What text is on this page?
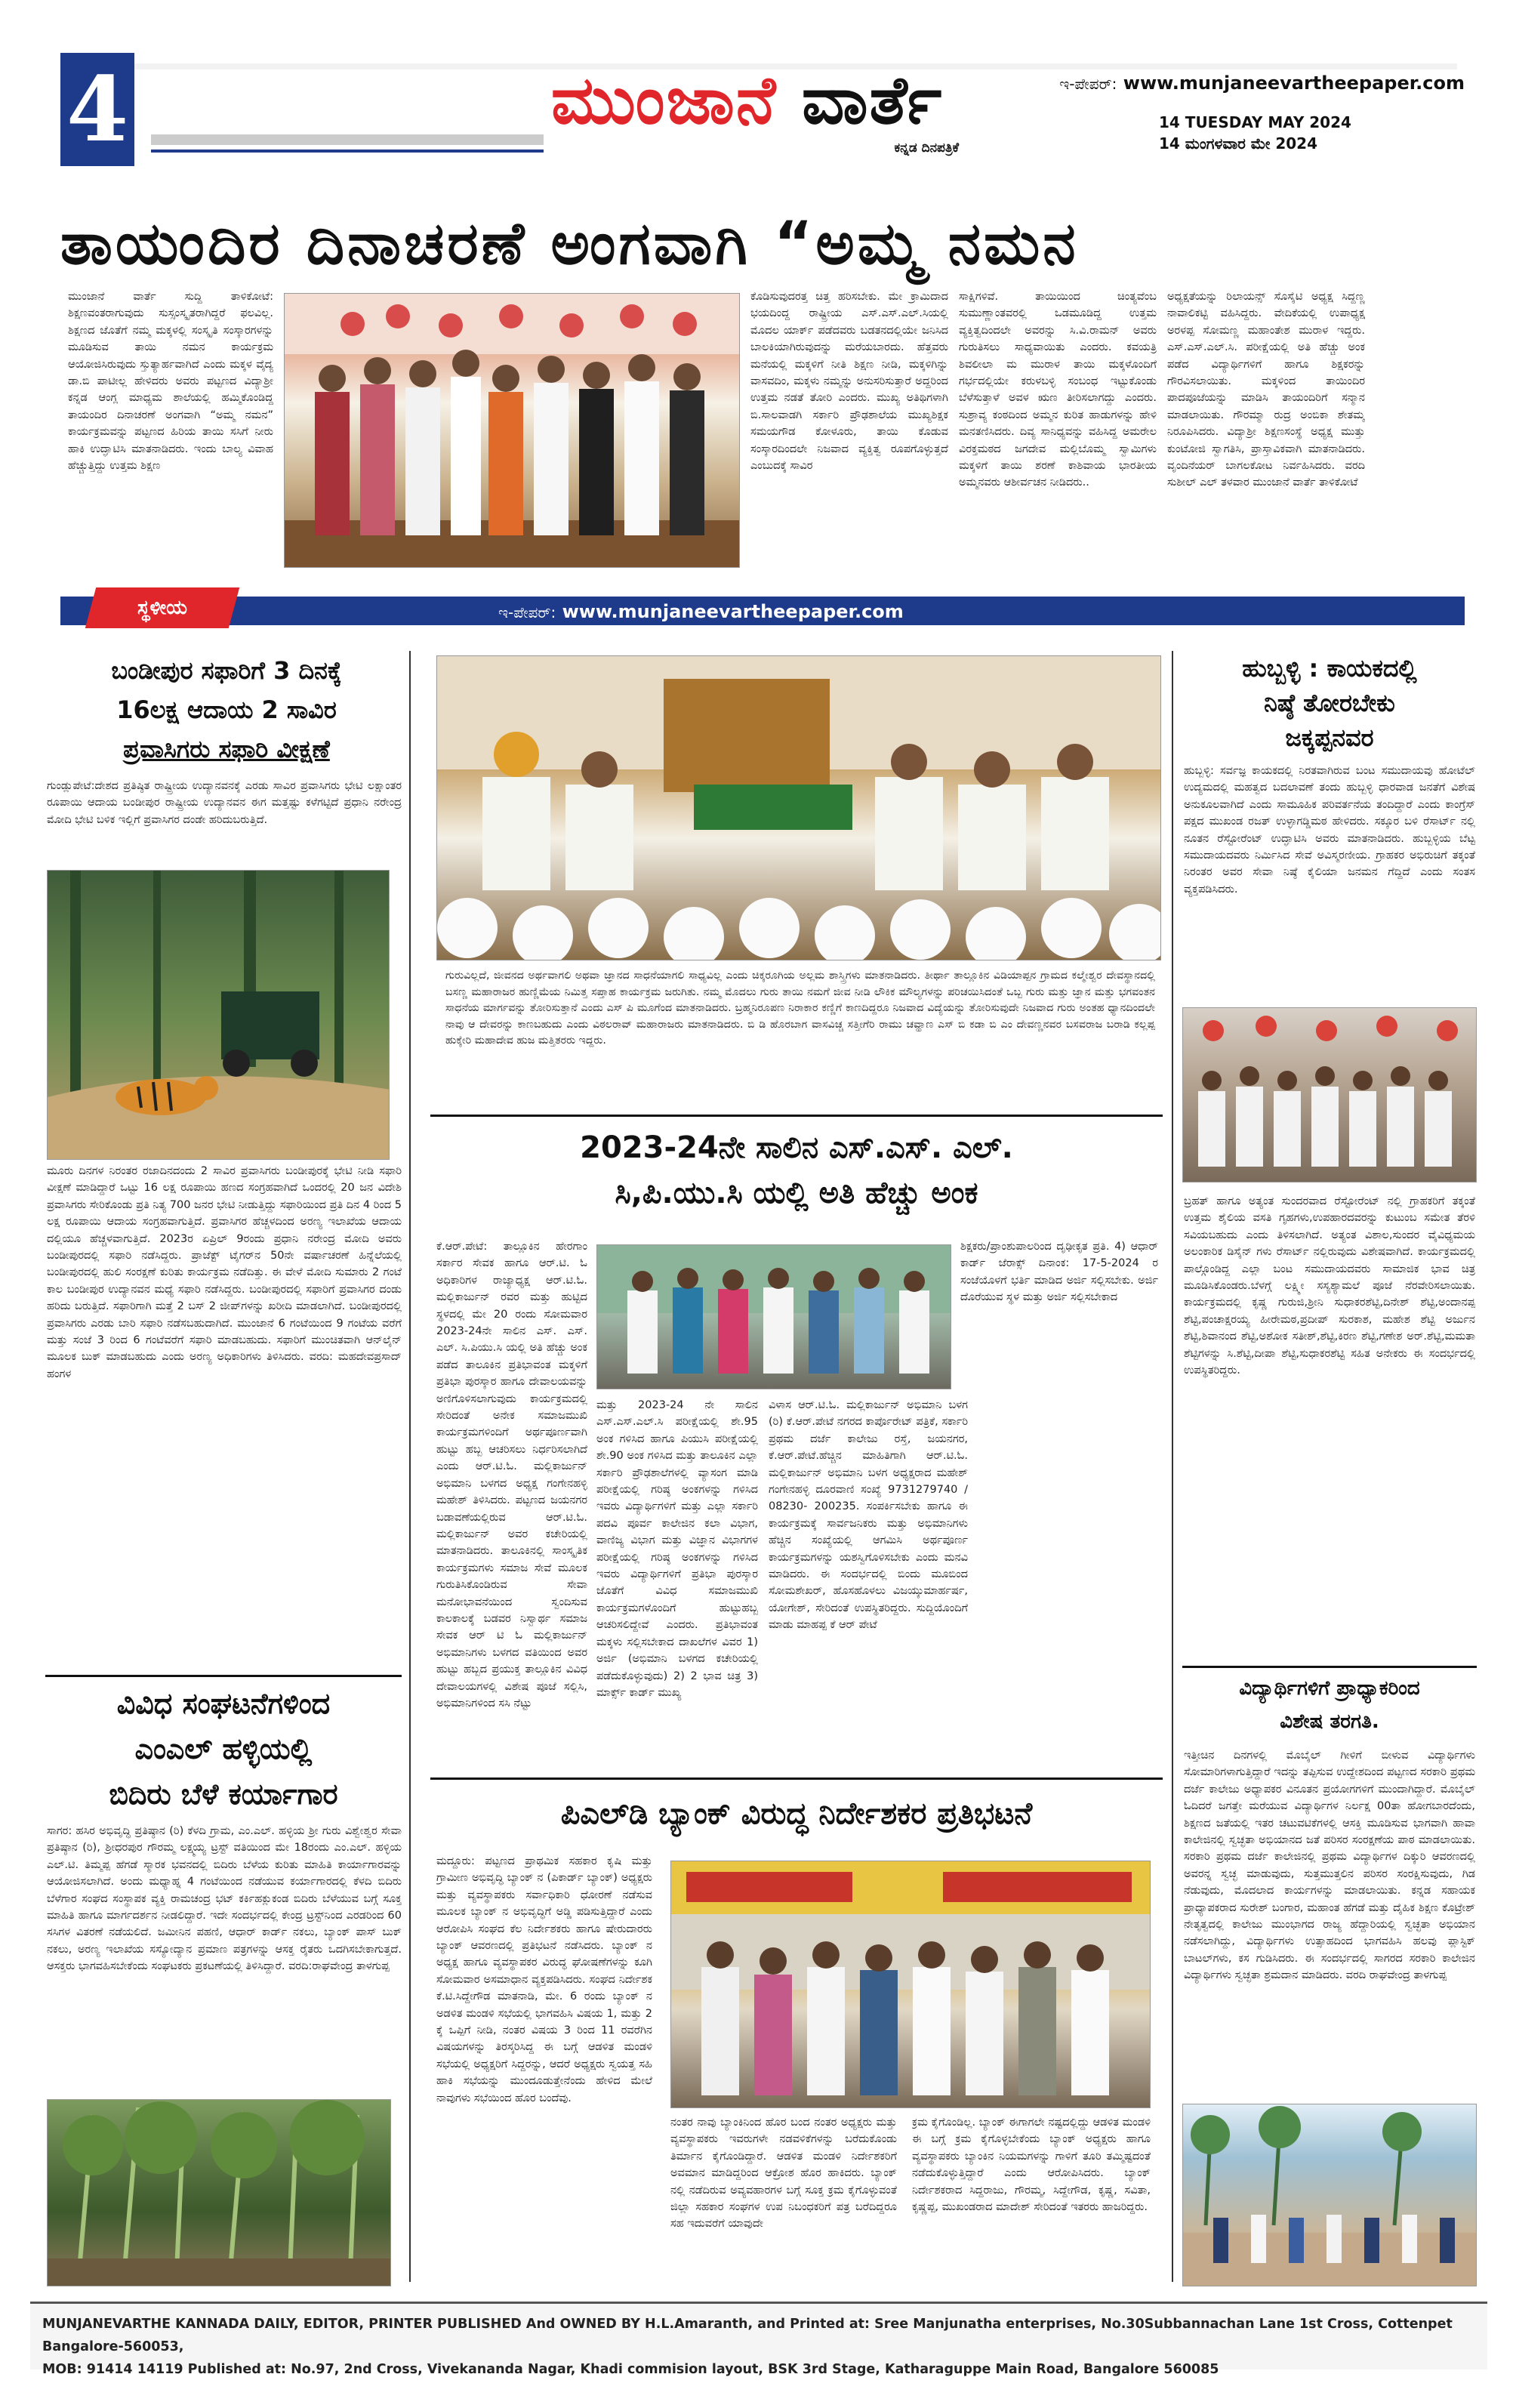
4	ಮುಂಜಾನೆ ವಾರ್ತೆ
ಕನ್ನಡ ದಿನಪತ್ರಿಕೆ
ಇ-ಪೇಪರ್: www.munjaneevartheepaper.com
14 TUESDAY MAY 2024
14 ಮಂಗಳವಾರ ಮೇ 2024
ತಾಯಂದಿರ ದಿನಾಚರಣೆ ಅಂಗವಾಗಿ “ಅಮ್ಮ ನಮನ
ಮುಂಜಾನೆ ವಾರ್ತೆ ಸುದ್ದಿ ತಾಳಿಕೋಟೆ: ಶಿಕ್ಷಣವಂತರಾಗುವುದು ಸುಸ್ಸಂಸ್ಕೃತರಾಗಿದ್ದರೆ ಫಲವಿಲ್ಲ. ಶಿಕ್ಷಣದ ಜೊತೆಗೆ ನಮ್ಮ ಮಕ್ಕಳಲ್ಲಿ ಸಂಸ್ಕೃತಿ ಸಂಸ್ಕಾರಗಳನ್ನು ಮೂಡಿಸುವ ತಾಯಿ ನಮನ ಕಾರ್ಯಕ್ರಮ ಆಯೋಜಿಸಿರುವುದು ಸ್ತುತ್ಯಾರ್ಹವಾಗಿದೆ ಎಂದು ಮಕ್ಕಳ ವೈದ್ಯ ಡಾ.ಬಿ ಪಾಟೀಲ್ಲ ಹೇಳಿದರು ಅವರು ಪಟ್ಟಣದ ವಿದ್ಯಾಶ್ರೀ ಕನ್ನಡ ಆಂಗ್ಲ ಮಾಧ್ಯಮ ಶಾಲೆಯಲ್ಲಿ ಹಮ್ಮಿಕೊಂಡಿದ್ದ ತಾಯಂದಿರ ದಿನಾಚರಣೆ ಅಂಗವಾಗಿ “ಅಮ್ಮ ನಮನ” ಕಾರ್ಯಕ್ರಮವನ್ನು ಪಟ್ಟಣದ ಹಿರಿಯ ತಾಯಿ ಸಸಿಗೆ ನೀರು ಹಾಕಿ ಉದ್ಘಾಟಿಸಿ ಮಾತನಾಡಿದರು. ಇಂದು ಬಾಲ್ಯ ವಿವಾಹ ಹೆಚ್ಚುತ್ತಿದ್ದು ಉತ್ತಮ ಶಿಕ್ಷಣ
ಕೊಡಿಸುವುದರತ್ತ ಚಿತ್ತ ಹರಿಸಬೇಕು. ಮೇ ಕ್ರಾಮಿದಾದ ಭಯದಿಂದ್ದ ರಾಷ್ಟ್ರೀಯ ಎಸ್.ಎಸ್.ಎಲ್.ಸಿಯಲ್ಲಿ ಮೊದಲ ಯಾರ್ಕ್ ಪಡೆದವರು ಬಡತನದಲ್ಲಿಯೇ ಜನಿಸಿದ ಬಾಲಕಿಯಾಗಿರುವುದನ್ನು ಮರೆಯಬಾರದು. ಹೆತ್ತವರು ಮನೆಯಲ್ಲಿ ಮಕ್ಕಳಿಗೆ ನೀತಿ ಶಿಕ್ಷಣ ನೀಡಿ, ಮಕ್ಕಳಿಗಿನ್ನು ವಾಸವದಿಂ, ಮಕ್ಕಳು ನಮ್ಮನ್ನು ಅನುಸರಿಸುತ್ತಾರೆ ಅದ್ದರಿಂದ ಉತ್ತಮ ನಡತೆ ತೋರಿ ಎಂದರು. ಮುಖ್ಯ ಅತಿಥಿಗಳಾಗಿ ಬಿ.ಸಾಲವಾಡಗಿ ಸರ್ಕಾರಿ ಪ್ರೌಢಶಾಲೆಯ ಮುಖ್ಯಶಿಕ್ಷಕ ಸಮಯಗೌಡ ಕೋಳೂರು, ತಾಯಿ ಕೊಡುವ ಸಂಸ್ಕಾರದಿಂದಲೇ ನಿಜವಾದ ವ್ಯಕ್ತಿತ್ವ ರೂಪಗೊಳ್ಳುತ್ತದೆ ಎಂಬುದಕ್ಕೆ ಸಾವಿರ
ಸಾಕ್ಷಿಗಳಿವೆ. ತಾಯಿಯಿಂದ ಚಿಂತ್ಯವೆಂಬ ಸುಮುಣ್ಣಾಂತವರಲ್ಲಿ ಒಡಮೂಡಿದ್ದ ಉತ್ತಮ ವ್ಯಕ್ತಿತ್ವದಿಂದಲೇ ಅವರನ್ನು ಸಿ.ವಿ.ರಾಮನ್ ಅವರು ಗುರುತಿಸಲು ಸಾಧ್ಯವಾಯಿತು ಎಂದರು. ಕವಯತ್ರಿ ಶಿವಲೀಲಾ ಮ ಮುರಾಳ ತಾಯಿ ಮಕ್ಕಳೊಂದಿಗೆ ಗರ್ಭದಲ್ಲಿಯೇ ಕರುಳಬಳ್ಳಿ ಸಂಬಂಧ ಇಟ್ಟುಕೊಂಡು ಬೆಳೆಸುತ್ತಾಳೆ ಅವಳ ಋಣ ತೀರಿಸಲಾಗದ್ದು ಎಂದರು. ಸುಶ್ರಾವ್ಯ ಕಂಠದಿಂದ ಅಮ್ಮನ ಕುರಿತ ಹಾಡುಗಳನ್ನು ಹೇಳಿ ಮನತಣಿಸಿದರು. ದಿವ್ಯ ಸಾನಿಧ್ಯವನ್ನು ವಹಿಸಿದ್ದ ಅಮರೇಲ ವಿರಕ್ತಮಠದ ಜಗದೇವ ಮಲ್ಲಿಬೊಮ್ಮ ಸ್ವಾಮಿಗಳು ಮಕ್ಕಳಿಗೆ ತಾಯಿ ಶರಣೆ ಕಾಶಿವಾಯ ಭಾರತೀಯ ಅಮ್ಮನವರು ಆಶೀರ್ವಚನ ನೀಡಿದರು..
ಅಧ್ಯಕ್ಷತೆಯನ್ನು ರಿಲಾಯನ್ಸ್ ಸೊಸೈಟಿ ಅಧ್ಯಕ್ಷ ಸಿದ್ದಣ್ಣ ನಾವಾಲಿಕಟ್ಟಿ ವಹಿಸಿದ್ದರು. ವೇದಿಕೆಯಲ್ಲಿ ಉಪಾಧ್ಯಕ್ಷ ಅರಳಪ್ಪ ಸೋಮಣ್ಣ ಮಹಾಂತೇಶ ಮುರಾಳ ಇದ್ದರು. ಎಸ್.ಎಸ್.ಎಲ್.ಸಿ. ಪರೀಕ್ಷೆಯಲ್ಲಿ ಅತಿ ಹೆಚ್ಚು ಅಂಕ ಪಡೆದ ವಿದ್ಯಾರ್ಥಿಗಳಿಗೆ ಹಾಗೂ ಶಿಕ್ಷಕರನ್ನು ಗೌರವಿಸಲಾಯಿತು. ಮಕ್ಕಳಿಂದ ತಾಯಿಂದಿರ ಪಾದಪೂಜೆಯನ್ನು ಮಾಡಿಸಿ ತಾಯಂದಿರಿಗೆ ಸನ್ಮಾನ ಮಾಡಲಾಯಿತು. ಗೌರಮ್ಮಾ ರುದ್ರ ಅಂಬಿಕಾ ಶೇತಮ್ಮ ನಿರೂಪಿಸಿದರು. ವಿದ್ಯಾಶ್ರೀ ಶಿಕ್ಷಣಸಂಸ್ಥೆ ಅಧ್ಯಕ್ಷ ಮುತ್ತು ಕುಂಟೋಜಿ ಸ್ವಾಗತಿಸಿ, ಪ್ರಾಸ್ತಾವಿಕವಾಗಿ ಮಾತನಾಡಿದರು. ವೃಂದಿನೆಯರ್ ಬಾಗಲಕೋಟ ನಿರ್ವಹಿಸಿದರು. ವರದಿ ಸುಶೀಲ್ ಎಲ್ ತಳವಾರ ಮುಂಜಾನೆ ವಾರ್ತೆ ತಾಳಿಕೋಟೆ
ಸ್ಥಳೀಯ	ಇ-ಪೇಪರ್: www.munjaneevartheepaper.com
ಬಂಡೀಪುರ ಸಫಾರಿಗೆ 3 ದಿನಕ್ಕೆ
16ಲಕ್ಷ ಆದಾಯ 2 ಸಾವಿರ
ಪ್ರವಾಸಿಗರು ಸಫಾರಿ ವೀಕ್ಷಣೆ
ಗುಂಡ್ಲುಪೇಟೆ:ದೇಶದ ಪ್ರತಿಷ್ಠಿತ ರಾಷ್ಟ್ರೀಯ ಉದ್ಯಾನವನಕ್ಕೆ ಎರಡು ಸಾವಿರ ಪ್ರವಾಸಿಗರು ಭೇಟಿ ಲಕ್ಷಾಂತರ ರೂಪಾಯಿ ಆದಾಯ ಬಂಡೀಪುರ ರಾಷ್ಟ್ರೀಯ ಉದ್ಯಾನವನ ಈಗ ಮತ್ತಷ್ಟು ಕಳೆಗಟ್ಟಿದೆ ಪ್ರಧಾನಿ ನರೇಂದ್ರ ಮೋದಿ ಭೇಟಿ ಬಳಿಕ ಇಲ್ಲಿಗೆ ಪ್ರವಾಸಿಗರ ದಂಡೇ ಹರಿದುಬರುತ್ತಿದೆ.
ಮೂರು ದಿನಗಳ ನಿರಂತರ ರಜಾದಿನದಂದು 2 ಸಾವಿರ ಪ್ರವಾಸಿಗರು ಬಂಡೀಪುರಕ್ಕೆ ಭೇಟಿ ನೀಡಿ ಸಫಾರಿ ವೀಕ್ಷಣೆ ಮಾಡಿದ್ದಾರೆ ಒಟ್ಟು 16 ಲಕ್ಷ ರೂಪಾಯಿ ಹಣದ ಸಂಗ್ರಹವಾಗಿದೆ ಒಂದರಲ್ಲಿ 20 ಜನ ವಿದೇಶಿ ಪ್ರವಾಸಿಗರು ಸೇರಿಕೊಂಡು ಪ್ರತಿ ನಿತ್ಯ 700 ಜನರ ಭೇಟಿ ನೀಡುತ್ತಿದ್ದು ಸಫಾರಿಯಿಂದ ಪ್ರತಿ ದಿನ 4 ರಿಂದ 5 ಲಕ್ಷ ರೂಪಾಯಿ ಆದಾಯ ಸಂಗ್ರಹವಾಗುತ್ತಿದೆ. ಪ್ರವಾಸಿಗರ ಹೆಚ್ಚಳದಿಂದ ಅರಣ್ಯ ಇಲಾಖೆಯ ಆದಾಯ ದಲ್ಲಿಯೂ ಹೆಚ್ಚಳವಾಗುತ್ತಿದೆ. 2023ರ ಏಪ್ರಿಲ್ 9ರಂದು ಪ್ರಧಾನಿ ನರೇಂದ್ರ ಮೋದಿ ಅವರು ಬಂಡೀಪುರದಲ್ಲಿ ಸಫಾರಿ ನಡೆಸಿದ್ದರು. ಪ್ರಾಜೆಕ್ಟ್ ಟೈಗರ್‌ನ 50ನೇ ವರ್ಷಾಚರಣೆ ಹಿನ್ನೆಲೆಯಲ್ಲಿ ಬಂಡೀಪುರದಲ್ಲಿ ಹುಲಿ ಸಂರಕ್ಷಣೆ ಕುರಿತು ಕಾರ್ಯಕ್ರಮ ನಡೆದಿತ್ತು. ಈ ವೇಳೆ ಮೋದಿ ಸುಮಾರು 2 ಗಂಟೆ ಕಾಲ ಬಂಡೀಪುರ ಉದ್ಯಾನವನ ಮಧ್ಯೆ ಸಫಾರಿ ನಡೆಸಿದ್ದರು. ಬಂಡೀಪುರದಲ್ಲಿ ಸಫಾರಿಗೆ ಪ್ರವಾಸಿಗರ ದಂಡು ಹರಿದು ಬರುತ್ತಿದೆ. ಸಫಾರಿಗಾಗಿ ಮತ್ತೆ 2 ಬಸ್ 2 ಜೀಪ್‌ಗಳನ್ನು ಖರೀದಿ ಮಾಡಲಾಗಿದೆ. ಬಂಡೀಪುರದಲ್ಲಿ ಪ್ರವಾಸಿಗರು ಎರಡು ಬಾರಿ ಸಫಾರಿ ನಡೆಸಬಹುದಾಗಿದೆ. ಮುಂಜಾನೆ 6 ಗಂಟೆಯಿಂದ 9 ಗಂಟೆಯ ವರೆಗೆ ಮತ್ತು ಸಂಜೆ 3 ರಿಂದ 6 ಗಂಟೆವರೆಗೆ ಸಫಾರಿ ಮಾಡಬಹುದು. ಸಫಾರಿಗೆ ಮುಂಚಿತವಾಗಿ ಆನ್‌ಲೈನ್ ಮೂಲಕ ಬುಕ್ ಮಾಡಬಹುದು ಎಂದು ಅರಣ್ಯ ಅಧಿಕಾರಿಗಳು ತಿಳಿಸಿದರು. ವರದಿ: ಮಹದೇವಪ್ರಸಾದ್ ಹಂಗಳ
ವಿವಿಧ ಸಂಘಟನೆಗಳಿಂದ
ಎಂಎಲ್ ಹಳ್ಳಿಯಲ್ಲಿ
ಬಿದಿರು ಬೆಳೆ ಕರ್ಯಾಗಾರ
ಸಾಗರ: ಹಸಿರ ಅಭಿವೃದ್ಧಿ ಪ್ರತಿಷ್ಠಾನ (ರಿ) ಕೆಳದಿ ಗ್ರಾಮ, ಎಂ.ಎಲ್. ಹಳ್ಳಿಯ ಶ್ರೀ ಗುರು ವಿಶ್ವೇಶ್ವರ ಸೇವಾ ಪ್ರತಿಷ್ಠಾನ (ರಿ), ಶ್ರೀಧರಪುರ ಗೌರಮ್ಮ ಲಕ್ಷ್ಮಯ್ಯ ಟ್ರಸ್ಟ್ ವತಿಯಿಂದ ಮೇ 18ರಂದು ಎಂ.ಎಲ್. ಹಳ್ಳಿಯ ಎಲ್.ಟಿ. ತಿಮ್ಮಪ್ಪ ಹೆಗಡೆ ಸ್ಮಾರಕ ಭವನದಲ್ಲಿ ಬಿದಿರು ಬೆಳೆಯ ಕುರಿತು ಮಾಹಿತಿ ಕಾರ್ಯಾಗಾರವನ್ನು ಆಯೋಜಿಸಲಾಗಿದೆ. ಅಂದು ಮಧ್ಯಾಹ್ನ 4 ಗಂಟೆಯಿಂದ ನಡೆಯುವ ಕರ್ಯಾಗಾರದಲ್ಲಿ ಕೆಳದಿ ಬಿದಿರು ಬೆಳೆಗಾರ ಸಂಘದ ಸಂಸ್ಥಾಪಕ ವ್ಯಕ್ತಿ ರಾಮಚಂದ್ರ ಭಟ್ ಕರ್ಕಿಹಕ್ಲುಕಂಡ ಬಿದಿರು ಬೆಳೆಯುವ ಬಗ್ಗೆ ಸೂಕ್ತ ಮಾಹಿತಿ ಹಾಗೂ ಮಾರ್ಗದರ್ಶನ ನೀಡಲಿದ್ದಾರೆ. ಇದೇ ಸಂದರ್ಭದಲ್ಲಿ ಕೇಂದ್ರ ಟ್ರಸ್ಟ್‌ನಿಂದ ಎರಡರಿಂದ 60 ಸಸಿಗಳ ವಿತರಣೆ ನಡೆಯಲಿದೆ. ಜಮೀನಿನ ಪಹಣಿ, ಆಧಾರ್ ಕಾರ್ಡ್ ನಕಲು, ಬ್ಯಾಂಕ್ ಪಾಸ್ ಬುಕ್ ನಕಲು, ಅರಣ್ಯ ಇಲಾಖೆಯ ಸಸ್ಯೋದ್ಯಾನ ಪ್ರಮಾಣ ಪತ್ರಗಳನ್ನು ಆಸಕ್ತ ರೈತರು ಒದಗಿಸಬೇಕಾಗುತ್ತದೆ. ಆಸಕ್ತರು ಭಾಗವಹಿಸಬೇಕೆಂದು ಸಂಘಟಕರು ಪ್ರಕಟಣೆಯಲ್ಲಿ ತಿಳಿಸಿದ್ದಾರೆ. ವರದಿ:ರಾಘವೇಂದ್ರ ತಾಳಗುಪ್ಪ
ಗುರುವಿಲ್ಲದೆ, ಜೀವನದ ಅರ್ಥವಾಗಲಿ ಅಥವಾ ಜ್ಞಾನದ ಸಾಧನೆಯಾಗಲಿ ಸಾಧ್ಯವಿಲ್ಲ ಎಂದು ಚಿಕ್ಕರೂಗಿಯ ಅಲ್ಲಮ ಶಾಸ್ತ್ರಿಗಳು ಮಾತನಾಡಿದರು. ತೀರ್ಥಾ ತಾಲ್ಲೂಕಿನ ವಿಡಿಯಾಪ್ಪನ ಗ್ರಾಮದ ಕಲ್ಮೇಶ್ವರ ದೇವಸ್ಥಾನದಲ್ಲಿ ಬಸಣ್ಣ ಮಹಾರಾಜರ ಹುಣ್ಣಿಮೆಯ ನಿಮಿತ್ತ ಸಪ್ತಾಹ ಕಾರ್ಯಕ್ರಮ ಜರುಗಿತು. ನಮ್ಮ ಮೊದಲು ಗುರು ತಾಯಿ ನಮಗೆ ಜೀವ ನೀಡಿ ಲೌಕಿಕ ಮೌಲ್ಯಗಳನ್ನು ಪರಿಚಯಿಸಿದಂತೆ ಒಬ್ಬ ಗುರು ಮತ್ತು ಜ್ಞಾನ ಮತ್ತು ಭಗವಂತನ ಸಾಧನೆಯ ಮಾರ್ಗವನ್ನು ತೋರಿಸುತ್ತಾನೆ ಎಂದು ಎಸ್ ಪಿ ಮೂಗೆಂದ ಮಾತನಾಡಿದರು. ಬ್ರಹ್ಮನಿರೂಪಣ ನಿರಾಕಾರ ಕಣ್ಣಿಗೆ ಕಾಣದಿದ್ದರೂ ನಿಜವಾದ ವಿದ್ಯೆಯನ್ನು ತೋರಿಸುವುದೇ ನಿಜವಾದ ಗುರು ಅಂತಹ ಧ್ಯಾನದಿಂದಲೇ ನಾವು ಆ ದೇವರನ್ನು ಕಾಣಬಹುದು ಎಂದು ವಿಠಲರಾವ್ ಮಹಾರಾಜರು ಮಾತನಾಡಿದರು. ಬಿ ಡಿ ಹೊರಬಾಗ ವಾಸವಿಚ್ಚ ಸತ್ತೀಗೆರಿ ರಾಮು ಚವ್ಹಾಣ ಎಸ್ ಬಿ ಕಡಾ ಬಿ ಎಂ ದೇವಣ್ಣನವರ ಬಸವರಾಜ ಬರಾಡಿ ಕಲ್ಲಪ್ಪ ಹುಕ್ಕೇರಿ ಮಹಾದೇವ ಹುಜ ಮತ್ತಿತರರು ಇದ್ದರು.
2023-24ನೇ ಸಾಲಿನ ಎಸ್.ಎಸ್. ಎಲ್.
ಸಿ,ಪಿ.ಯು.ಸಿ ಯಲ್ಲಿ ಅತಿ ಹೆಚ್ಚು ಅಂಕ
ಕೆ.ಆರ್.ಪೇಟೆ: ತಾಲ್ಲೂಕಿನ ಹೇರಗಾಂ ಸರ್ಕಾರ ಸೇವಕ ಹಾಗೂ ಆರ್.ಟಿ. ಓ ಅಧಿಕಾರಿಗಳ ರಾಜ್ಯಾಧ್ಯಕ್ಷ ಆರ್.ಟಿ.ಓ. ಮಲ್ಲಿಕಾರ್ಜುನ್ ರವರ ಮತ್ತು ಹುಟ್ಟಿದ ಸ್ಥಳದಲ್ಲಿ ಮೇ 20 ರಂದು ಸೋಮವಾರ 2023-24ನೇ ಸಾಲಿನ ಎಸ್. ಎಸ್. ಎಲ್. ಸಿ.ಪಿಯು.ಸಿ ಯಲ್ಲಿ ಅತಿ ಹೆಚ್ಚು ಅಂಕ ಪಡೆದ ತಾಲೂಕಿನ ಪ್ರತಿಭಾವಂತ ಮಕ್ಕಳಿಗೆ ಪ್ರತಿಭಾ ಪುರಸ್ಕಾರ ಹಾಗೂ ದೇವಾಲಯವನ್ನು ಅಣಿಗೊಳಿಸಲಾಗುವುದು ಕಾರ್ಯಕ್ರಮದಲ್ಲಿ ಸೇರಿದಂತೆ ಅನೇಕ ಸಮಾಜಮುಖಿ ಕಾರ್ಯಕ್ರಮಗಳಿಂದಿಗೆ ಅರ್ಥಪೂರ್ಣವಾಗಿ ಹುಟ್ಟು ಹಬ್ಬ ಆಚರಿಸಲು ನಿರ್ಧರಿಸಲಾಗಿದೆ ಎಂದು ಆರ್.ಟಿ.ಓ. ಮಲ್ಲಿಕಾರ್ಜುನ್ ಅಭಿಮಾನಿ ಬಳಗದ ಅಧ್ಯಕ್ಷ ಗಂಗೇನಹಳ್ಳಿ ಮಹೇಶ್ ತಿಳಿಸಿದರು. ಪಟ್ಟಣದ ಜಯನಗರ ಬಡಾವಣೆಯಲ್ಲಿರುವ ಆರ್.ಟಿ.ಓ. ಮಲ್ಲಿಕಾರ್ಜುನ್ ಅವರ ಕಚೇರಿಯಲ್ಲಿ ಮಾತನಾಡಿದರು. ತಾಲೂಕಿನಲ್ಲಿ ಸಾಂಸ್ಕೃತಿಕ ಕಾರ್ಯಕ್ರಮಗಳು ಸಮಾಜ ಸೇವೆ ಮೂಲಕ ಗುರುತಿಸಿಕೊಂಡಿರುವ ಸೇವಾ ಮನೋಭಾವನೆಯಿಂದ ಸ್ವಂದಿಸುವ ಕಾಲಕಾಲಕ್ಕೆ ಬಡವರ ನಿಸ್ವಾರ್ಥ ಸಮಾಜ ಸೇವಕ ಆರ್ ಟಿ ಓ ಮಲ್ಲಿಕಾರ್ಜುನ್ ಅಭಿಮಾನಿಗಳು ಬಳಗದ ವತಿಯಿಂದ ಅವರ ಹುಟ್ಟು ಹಬ್ಬದ ಪ್ರಯುಕ್ತ ತಾಲ್ಲೂಕಿನ ವಿವಿಧ ದೇವಾಲಯಗಳಲ್ಲಿ ವಿಶೇಷ ಪೂಜೆ ಸಲ್ಲಿಸಿ, ಅಭಿಮಾನಿಗಳಿಂದ ಸಸಿ ನೆಟ್ಟು
ಶಿಕ್ಷಕರು/ಪ್ರಾಂಶುಪಾಲರಿಂದ ದೃಢೀಕೃತ ಪ್ರತಿ. 4) ಆಧಾರ್ ಕಾರ್ಡ್ ಜೆರಾಕ್ಸ್ ದಿನಾಂಕ: 17-5-2024 ರ ಸಂಜೆಯೊಳಗೆ ಭರ್ತಿ ಮಾಡಿದ ಅರ್ಜಿ ಸಲ್ಲಿಸಬೇಕು. ಅರ್ಜಿ ದೊರೆಯುವ ಸ್ಥಳ ಮತ್ತು ಅರ್ಜಿ ಸಲ್ಲಿಸಬೇಕಾದ
ಮತ್ತು 2023-24 ನೇ ಸಾಲಿನ ಎಸ್.ಎಸ್.ಎಲ್.ಸಿ ಪರೀಕ್ಷೆಯಲ್ಲಿ ಶೇ.95 ಅಂಕ ಗಳಿಸಿದ ಹಾಗೂ ಪಿಯುಸಿ ಪರೀಕ್ಷೆಯಲ್ಲಿ ಶೇ.90 ಅಂಕ ಗಳಿಸಿದ ಮತ್ತು ತಾಲೂಕಿನ ಎಲ್ಲಾ ಸರ್ಕಾರಿ ಪ್ರೌಢಶಾಲೆಗಳಲ್ಲಿ ವ್ಯಾಸಂಗ ಮಾಡಿ ಪರೀಕ್ಷೆಯಲ್ಲಿ ಗರಿಷ್ಠ ಅಂಕಗಳನ್ನು ಗಳಿಸಿದ ಇವರು ವಿದ್ಯಾರ್ಥಿಗಳಿಗೆ ಮತ್ತು ಎಲ್ಲಾ ಸರ್ಕಾರಿ ಪದವಿ ಪೂರ್ವ ಕಾಲೇಜಿನ ಕಲಾ ವಿಭಾಗ, ವಾಣಿಜ್ಯ ವಿಭಾಗ ಮತ್ತು ವಿಜ್ಞಾನ ವಿಭಾಗಗಳ ಪರೀಕ್ಷೆಯಲ್ಲಿ ಗರಿಷ್ಠ ಅಂಕಗಳನ್ನು ಗಳಿಸಿದ ಇವರು ವಿದ್ಯಾರ್ಥಿಗಳಿಗೆ ಪ್ರತಿಭಾ ಪುರಸ್ಕಾರ ಜೊತೆಗೆ ವಿವಿಧ ಸಮಾಜಮುಖಿ ಕಾರ್ಯಕ್ರಮಗಳೊಂದಿಗೆ ಹುಟ್ಟುಹಬ್ಬ ಆಚರಿಸಲಿದ್ದೇವೆ ಎಂದರು. ಪ್ರತಿಭಾವಂತ ಮಕ್ಕಳು ಸಲ್ಲಿಸಬೇಕಾದ ದಾಖಲೆಗಳ ವಿವರ 1) ಅರ್ಜಿ (ಅಭಿಮಾನಿ ಬಳಗದ ಕಚೇರಿಯಲ್ಲಿ ಪಡೆದುಕೊಳ್ಳುವುದು) 2) 2 ಭಾವ ಚಿತ್ರ 3) ಮಾರ್ಕ್ಸ್ ಕಾರ್ಡ್ ಮುಖ್ಯ
ವಿಳಾಸ ಆರ್.ಟಿ.ಓ. ಮಲ್ಲಿಕಾರ್ಜುನ್ ಅಭಿಮಾನಿ ಬಳಗ (ರಿ) ಕೆ.ಆರ್.ಪೇಟೆ ನಗರದ ಕಾರ್ಪೊರೇಟ್ ಪತ್ರಿಕೆ, ಸರ್ಕಾರಿ ಪ್ರಥಮ ದರ್ಜೆ ಕಾಲೇಜು ರಸ್ತೆ, ಜಯನಗರ, ಕೆ.ಆರ್.ಪೇಟೆ.ಹೆಚ್ಚಿನ ಮಾಹಿತಿಗಾಗಿ ಆರ್.ಟಿ.ಓ. ಮಲ್ಲಿಕಾರ್ಜುನ್ ಅಭಿಮಾನಿ ಬಳಗ ಅಧ್ಯಕ್ಷರಾದ ಮಹೇಶ್ ಗಂಗೇನಹಳ್ಳಿ ದೂರವಾಣಿ ಸಂಖ್ಯೆ 9731279740 / 08230- 200235. ಸಂಪರ್ಕಿಸಬೇಕು ಹಾಗೂ ಈ ಕಾರ್ಯಕ್ರಮಕ್ಕೆ ಸಾರ್ವಜನಿಕರು ಮತ್ತು ಅಭಿಮಾನಿಗಳು ಹೆಚ್ಚಿನ ಸಂಖ್ಯೆಯಲ್ಲಿ ಆಗಮಿಸಿ ಅರ್ಥಪೂರ್ಣ ಕಾರ್ಯಕ್ರಮಗಳನ್ನು ಯಶಸ್ವಿಗೊಳಿಸಬೇಕು ಎಂದು ಮನವಿ ಮಾಡಿದರು. ಈ ಸಂದರ್ಭದಲ್ಲಿ ಬಿಂದು ಮೂಬಿಂದ ಸೋಮಶೇಖರ್, ಹೊಸಹೊಳಲು ವಿಜಯ್ಕುಮಾರ್ಹರ್ಷ, ಯೋಗೇಶ್, ಸೇರಿದಂತೆ ಉಪಸ್ಥಿತರಿದ್ದರು. ಸುದ್ದಿಯೊಂದಿಗೆ ಮಾಡು ಮಾಹಪ್ಪ ಕೆ ಆರ್ ಪೇಟೆ
ಪಿಎಲ್‌ಡಿ ಬ್ಯಾಂಕ್ ವಿರುದ್ಧ ನಿರ್ದೇಶಕರ ಪ್ರತಿಭಟನೆ
ಮದ್ದೂರು: ಪಟ್ಟಣದ ಪ್ರಾಥಮಿಕ ಸಹಕಾರ ಕೃಷಿ ಮತ್ತು ಗ್ರಾಮೀಣ ಅಭಿವೃದ್ಧಿ ಬ್ಯಾಂಕ್ ನ (ಪಿಕಾರ್ಡ್ ಬ್ಯಾಂಕ್) ಅಧ್ಯಕ್ಷರು ಮತ್ತು ವ್ಯವಸ್ಥಾಪಕರು ಸರ್ವಾಧಿಕಾರಿ ಧೋರಣೆ ನಡೆಸುವ ಮೂಲಕ ಬ್ಯಾಂಕ್ ನ ಅಭಿವೃದ್ಧಿಗೆ ಅಡ್ಡಿ ಪಡಿಸುತ್ತಿದ್ದಾರೆ ಎಂದು ಆರೋಪಿಸಿ ಸಂಘದ ಕೆಲ ನಿರ್ದೇಶಕರು ಹಾಗೂ ಷೇರುದಾರರು ಬ್ಯಾಂಕ್ ಆವರಣದಲ್ಲಿ ಪ್ರತಿಭಟನೆ ನಡೆಸಿದರು. ಬ್ಯಾಂಕ್ ನ ಅಧ್ಯಕ್ಷ ಹಾಗೂ ವ್ಯವಸ್ಥಾಪಕರ ವಿರುದ್ಧ ಘೋಷಣೆಗಳನ್ನು ಕೂಗಿ ಸೋಮವಾರ ಅಸಮಾಧಾನ ವ್ಯಕ್ತಪಡಿಸಿದರು. ಸಂಘದ ನಿರ್ದೇಶಕ ಕೆ.ಟಿ.ಸಿದ್ದೇಗೌಡ ಮಾತನಾಡಿ, ಮೇ. 6 ರಂದು ಬ್ಯಾಂಕ್ ನ ಅಡಳಿತ ಮಂಡಳಿ ಸಭೆಯಲ್ಲಿ ಭಾಗವಹಿಸಿ ವಿಷಯ 1, ಮತ್ತು 2 ಕ್ಕೆ ಒಪ್ಪಿಗೆ ನೀಡಿ, ನಂತರ ವಿಷಯ 3 ರಿಂದ 11 ರವರೆಗಿನ ವಿಷಯಗಳನ್ನು ತಿರಸ್ಕರಿಸಿದ್ದ ಈ ಬಗ್ಗೆ ಆಡಳಿತ ಮಂಡಳಿ ಸಭೆಯಲ್ಲಿ ಅಧ್ಯಕ್ಷರಿಗೆ ಸಿದ್ದರನ್ನು, ಆದರೆ ಅಧ್ಯಕ್ಷರು ಸ್ವಯತ್ತ ಸಹಿ ಹಾಕಿ ಸಭೆಯನ್ನು ಮುಂದೂಡುತ್ತೇನೆಂದು ಹೇಳಿದ ಮೇಲೆ ನಾವುಗಳು ಸಭೆಯಿಂದ ಹೊರ ಬಂದೆವು.
ನಂತರ ನಾವು ಬ್ಯಾಂಕಿನಿಂದ ಹೊರ ಬಂದ ನಂತರ ಅಧ್ಯಕ್ಷರು ಮತ್ತು ವ್ಯವಸ್ಥಾಪಕರು ಇವರುಗಳೇ ನಡವಳಿಕೆಗಳನ್ನು ಬರೆದುಕೊಂಡು ತಿರ್ಮಾನ ಕೈಗೊಂಡಿದ್ದಾರೆ. ಆಡಳಿತ ಮಂಡಳಿ ನಿರ್ದೇಶಕರಿಗೆ ಅವಮಾನ ಮಾಡಿದ್ದರಿಂದ ಆಕ್ರೋಶ ಹೊರ ಹಾಕಿದರು. ಬ್ಯಾಂಕ್ ನಲ್ಲಿ ನಡೆದಿರುವ ಅವ್ಯವಹಾರಗಳ ಬಗ್ಗೆ ಸೂಕ್ತ ಕ್ರಮ ಕೈಗೊಳ್ಳುವಂತೆ ಜಿಲ್ಲಾ ಸಹಕಾರ ಸಂಘಗಳ ಉಪ ನಿಬಂಧಕರಿಗೆ ಪತ್ರ ಬರೆದಿದ್ದರೂ ಸಹ ಇದುವರೆಗೆ ಯಾವುದೇ
ಕ್ರಮ ಕೈಗೊಂಡಿಲ್ಲ. ಬ್ಯಾಂಕ್ ಈಗಾಗಲೇ ನಷ್ಟದಲ್ಲಿದ್ದು ಆಡಳಿತ ಮಂಡಳಿ ಈ ಬಗ್ಗೆ ಕ್ರಮ ಕೈಗೊಳ್ಳಬೇಕೆಂದು ಬ್ಯಾಂಕ್ ಅಧ್ಯಕ್ಷರು ಹಾಗೂ ವ್ಯವಸ್ಥಾಪಕರು ಬ್ಯಾಂಕಿನ ನಿಯಮಗಳನ್ನು ಗಾಳಿಗೆ ತೂರಿ ತಮ್ಮಿಷ್ಟದಂತೆ ನಡೆದುಕೊಳ್ಳುತ್ತಿದ್ದಾರೆ ಎಂದು ಆರೋಪಿಸಿದರು. ಬ್ಯಾಂಕ್ ನಿರ್ದೇಶಕರಾದ ಸಿದ್ದರಾಜು, ಗೌರಮ್ಮ, ಸಿದ್ದೇಗೌಡ, ಕೃಷ್ಣ, ಸವಿತಾ, ಕೃಷ್ಣಪ್ಪ, ಮುಖಂಡರಾದ ಮಾದೇಶ್ ಸೇರಿದಂತೆ ಇತರರು ಹಾಜರಿದ್ದರು.
ಹುಬ್ಬಳ್ಳಿ : ಕಾಯಕದಲ್ಲಿ
ನಿಷ್ಠೆ ತೋರಬೇಕು
ಜಕ್ಕಪ್ಪನವರ
ಹುಬ್ಬಳ್ಳಿ: ಸರ್ವಜ್ಞ ಕಾಯಕದಲ್ಲಿ ನಿರತವಾಗಿರುವ ಬಂಟ ಸಮುದಾಯವು ಹೋಟೆಲ್ ಉದ್ಯಮದಲ್ಲಿ ಮಹತ್ವದ ಬದಲಾವಣೆ ತಂದು ಹುಬ್ಬಳ್ಳಿ ಧಾರವಾಡ ಜನತೆಗೆ ವಿಶೇಷ ಅನುಕೂಲವಾಗಿದೆ ಎಂದು ಸಾಮೂಹಿಕ ಪರಿವರ್ತನೆಯ ತಂದಿದ್ದಾರೆ ಎಂದು ಕಾಂಗ್ರೆಸ್ ಪಕ್ಷದ ಮುಖಂಡ ರಜತ್ ಉಳ್ಳಾಗಡ್ಡಿಮಠ ಹೇಳಿದರು. ಸಕ್ಕೂರ ಬಳಿ ರೆಸಾರ್ಟ್ ನಲ್ಲಿ ನೂತನ ರೆಸ್ಟೋರೆಂಟ್ ಉದ್ಘಾಟಿಸಿ ಅವರು ಮಾತನಾಡಿದರು. ಹುಬ್ಬಳ್ಳಿಯ ಬೆಟ್ಟ ಸಮುದಾಯದವರು ನಿರ್ಮಿಸಿದ ಸೇವೆ ಅವಿಸ್ಮರಣೀಯ. ಗ್ರಾಹಕರ ಅಭಿರುಚಿಗೆ ತಕ್ಕಂತೆ ನಿರಂತರ ಅವರ ಸೇವಾ ನಿಷ್ಠೆ ಕೈಲಿಯಾ ಜನಮನ ಗೆದ್ದಿದೆ ಎಂದು ಸಂತಸ ವ್ಯಕ್ತಪಡಿಸಿದರು.
ಬ್ರಹತ್ ಹಾಗೂ ಅತ್ಯಂತ ಸುಂದರವಾದ ರೆಸ್ಟೋರೆಂಟ್ ನಲ್ಲಿ ಗ್ರಾಹಕರಿಗೆ ತಕ್ಕಂತೆ ಉತ್ತಮ ಶೈಲಿಯ ವಸತಿ ಗೃಹಗಳು,ಉಪಹಾರದವರನ್ನು ಕುಟುಂಬ ಸಮೇತ ತೆರಳಿ ಸವಿಯಬಹುದು ಎಂದು ತಿಳಿಸಲಾಗಿದೆ. ಅತ್ಯಂತ ವಿಶಾಲ,ಸುಂದರ ವೈವಿಧ್ಯಮಯ ಅಲಂಕಾರಿಕ ಡಿಸೈನ್ ಗಳು ರೆಸಾರ್ಟ್ ನಲ್ಲಿರುವುದು ವಿಶೇಷವಾಗಿದೆ. ಕಾರ್ಯಕ್ರಮದಲ್ಲಿ ಪಾಲ್ಗೊಂಡಿದ್ದ ಎಲ್ಲಾ ಬಂಟ ಸಮುದಾಯದವರು ಸಾಮಾಜಿಕ ಭಾವ ಚಿತ್ರ ಮೂಡಿಸಿಕೊಂಡರು.ಬೆಳಗ್ಗೆ ಲಕ್ಷ್ಮೀ ಸಸ್ಯಶ್ಯಾಮಲೆ ಪೂಜೆ ನೆರವೇರಿಸಲಾಯಿತು. ಕಾರ್ಯಕ್ರಮದಲ್ಲಿ ಕೃಷ್ಣ ಗುರುಜಿ,ಶ್ರೀನಿ ಸುಧಾಕರಶೆಟ್ಟಿ,ದಿನೇಶ್ ಶೆಟ್ಟಿ,ಅಂದಾನಪ್ಪ ಶೆಟ್ಟಿ,ಪಂಚಾಕ್ಷರಯ್ಯ ಹೀರೇಮಠ,ಪ್ರದೀಪ್ ಸುರಕಾಶ, ಮಹೇಶ ಶೆಟ್ಟಿ ಅರ್ಜುನ ಶೆಟ್ಟಿ,ಶಿವಾನಂದ ಶೆಟ್ಟಿ,ಅಶೋಕ ಸತೀಶ್,ಶೆಟ್ಟಿ,ಕಿರಣ ಶೆಟ್ಟಿ,ಗಣೇಶ ಅರ್.ಶೆಟ್ಟಿ,ಮಮತಾ ಶೆಟ್ಟಿಗಳನ್ನು ಸಿ.ಶೆಟ್ಟಿ,ದೀಪಾ ಶೆಟ್ಟಿ,ಸುಧಾಕರಶೆಟ್ಟಿ ಸಹಿತ ಅನೇಕರು ಈ ಸಂದರ್ಭದಲ್ಲಿ ಉಪಸ್ಥಿತರಿದ್ದರು.
ವಿದ್ಯಾರ್ಥಿಗಳಿಗೆ ಪ್ರಾಧ್ಯಾಕರಿಂದ
ವಿಶೇಷ ತರಗತಿ.
ಇತ್ತೀಚಿನ ದಿನಗಳಲ್ಲಿ ಮೊಬೈಲ್ ಗೀಳಿಗೆ ಬೀಳುವ ವಿದ್ಯಾರ್ಥಿಗಳು ಸೋಮಾರಿಗಳಾಗುತ್ತಿದ್ದಾರೆ ಇದನ್ನು ತಪ್ಪಿಸುವ ಉದ್ದೇಶದಿಂದ ಪಟ್ಟಣದ ಸರಕಾರಿ ಪ್ರಥಮ ದರ್ಜೆ ಕಾಲೇಜು ಅಧ್ಯಾಪಕರ ವಿನೂತನ ಪ್ರಯೋಗಗಳಿಗೆ ಮುಂದಾಗಿದ್ದಾರೆ. ಮೊಬೈಲ್ ಓದಿದರೆ ಜಗತ್ತೇ ಮರೆಯುವ ವಿದ್ಯಾರ್ಥಿಗಳ ನಿರ್ಲಕ್ಷ 00ತಾ ಹೋಗಬಾರದೆಂದು, ಶಿಕ್ಷಣದ ಜತೆಯಲ್ಲಿ ಇತರ ಚಟುವಟಿಕೆಗಳಲ್ಲಿ ಆಸಕ್ತಿ ಮೂಡಿಸುವ ಭಾಗವಾಗಿ ಹಾವಾ ಕಾಲೇಜಿನಲ್ಲಿ ಸ್ವಚ್ಛತಾ ಅಭಿಯಾನದ ಜತೆ ಪರಿಸರ ಸಂರಕ್ಷಣೆಯ ಪಾಠ ಮಾಡಲಾಯಿತು. ಸರಕಾರಿ ಪ್ರಥಮ ದರ್ಜೆ ಕಾಲೇಜಿನಲ್ಲಿ ಪ್ರಥಮ ವಿದ್ಯಾರ್ಥಿಗಳ ದಿಕ್ಕುರಿ ಆವರಣದಲ್ಲಿ ಅವರನ್ನ ಸ್ವಚ್ಛ ಮಾಡುವುದು, ಸುತ್ತಮುತ್ತಲಿನ ಪರಿಸರ ಸಂರಕ್ಷಿಸುವುದು, ಗಿಡ ನೆಡುವುದು, ಮೊದಲಾದ ಕಾರ್ಯಗಳನ್ನು ಮಾಡಲಾಯಿತು. ಕನ್ನಡ ಸಹಾಯಕ ಪ್ರಾಧ್ಯಾಪಕರಾದ ಸುರೇಶ್ ಬಂಗಾರ, ಮಹಾಂತ ಹೆಗಡೆ ಮತ್ತು ದೈಹಿಕ ಶಿಕ್ಷಣ ಕೊಟ್ರೇಶ್ ನೇತೃತ್ವದಲ್ಲಿ ಕಾಲೇಜು ಮುಂಭಾಗದ ರಾಜ್ಯ ಹೆದ್ದಾರಿಯಲ್ಲಿ ಸ್ವಚ್ಛತಾ ಅಭಿಯಾನ ನಡೆಸಲಾಗಿದ್ದು, ವಿದ್ಯಾರ್ಥಿಗಳು ಉತ್ಸಾಹದಿಂದ ಭಾಗವಹಿಸಿ ಹಲವು ಪ್ಲಾಸ್ಟಿಕ್ ಬಾಟಲ್‌ಗಳು, ಕಸ ಗುಡಿಸಿದರು. ಈ ಸಂದರ್ಭದಲ್ಲಿ ಸಾಗರದ ಸರಕಾರಿ ಕಾಲೇಜಿನ ವಿದ್ಯಾರ್ಥಿಗಳು ಸ್ವಚ್ಛತಾ ಶ್ರಮದಾನ ಮಾಡಿದರು. ವರದಿ ರಾಘವೇಂದ್ರ ತಾಳಗುಪ್ಪ
MUNJANEVARTHE KANNADA DAILY, EDITOR, PRINTER PUBLISHED And OWNED BY H.L.Amaranth, and Printed at: Sree Manjunatha enterprises, No.30Subbannachan Lane 1st Cross, Cottenpet Bangalore-560053,
MOB: 91414 14119 Published at: No.97, 2nd Cross, Vivekananda Nagar, Khadi commision layout, BSK 3rd Stage, Katharaguppe Main Road, Bangalore 560085
